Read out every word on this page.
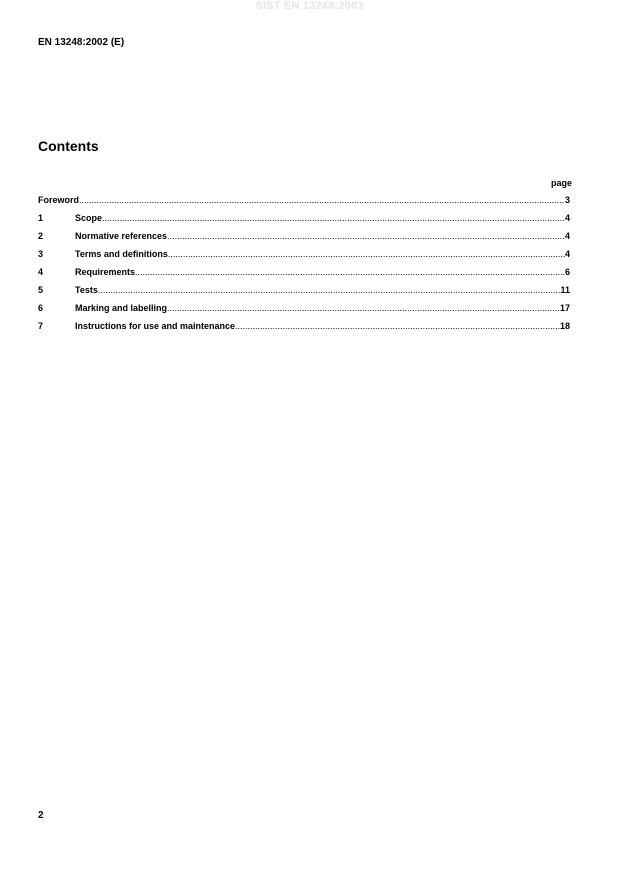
SIST EN 13248:2003
EN 13248:2002 (E)
Contents
page
Foreword .....	3
1	Scope .....	4
2	Normative references .....	4
3	Terms and definitions .....	4
4	Requirements .....	6
5	Tests .....	11
6	Marking and labelling .....	17
7	Instructions for use and maintenance .....	18
2
